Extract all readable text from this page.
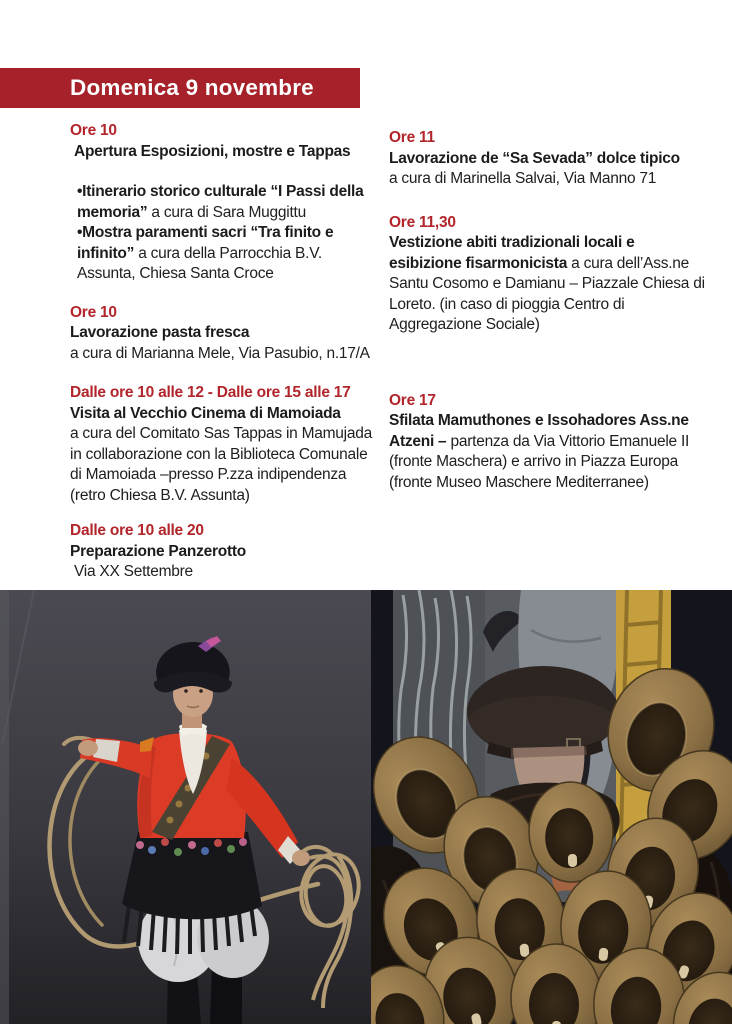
Domenica 9 novembre
Ore 10
Apertura Esposizioni, mostre e Tappas

•Itinerario storico culturale “I Passi della memoria” a cura di Sara Muggittu

•Mostra paramenti sacri “Tra finito e infinito” a cura della Parrocchia B.V. Assunta, Chiesa Santa Croce

Ore 10
Lavorazione pasta fresca

a cura di Marianna Mele, Via Pasubio, n.17/A

Dalle ore 10 alle 12 - Dalle ore 15 alle 17
Visita al Vecchio Cinema di Mamoiada

a cura del Comitato Sas Tappas in Mamujada in collaborazione con la Biblioteca Comunale di Mamoiada –presso P.zza indipendenza (retro Chiesa B.V. Assunta)

Dalle ore 10 alle 20
Preparazione Panzerotto

Via XX Settembre

Ore 11
Lavorazione de “Sa Sevada” dolce tipico

a cura di Marinella Salvai, Via Manno 71

Ore 11,30

Vestizione abiti tradizionali locali e esibizione fisarmonicista a cura dell’Ass.ne Santu Cosomo e Damianu – Piazzale Chiesa di Loreto. (in caso di pioggia Centro di Aggregazione Sociale)

Ore 17

Sfilata Mamuthones e Issohadores Ass.ne Atzeni – partenza da Via Vittorio Emanuele II (fronte Maschera) e arrivo in Piazza Europa (fronte Museo Maschere Mediterranee)
